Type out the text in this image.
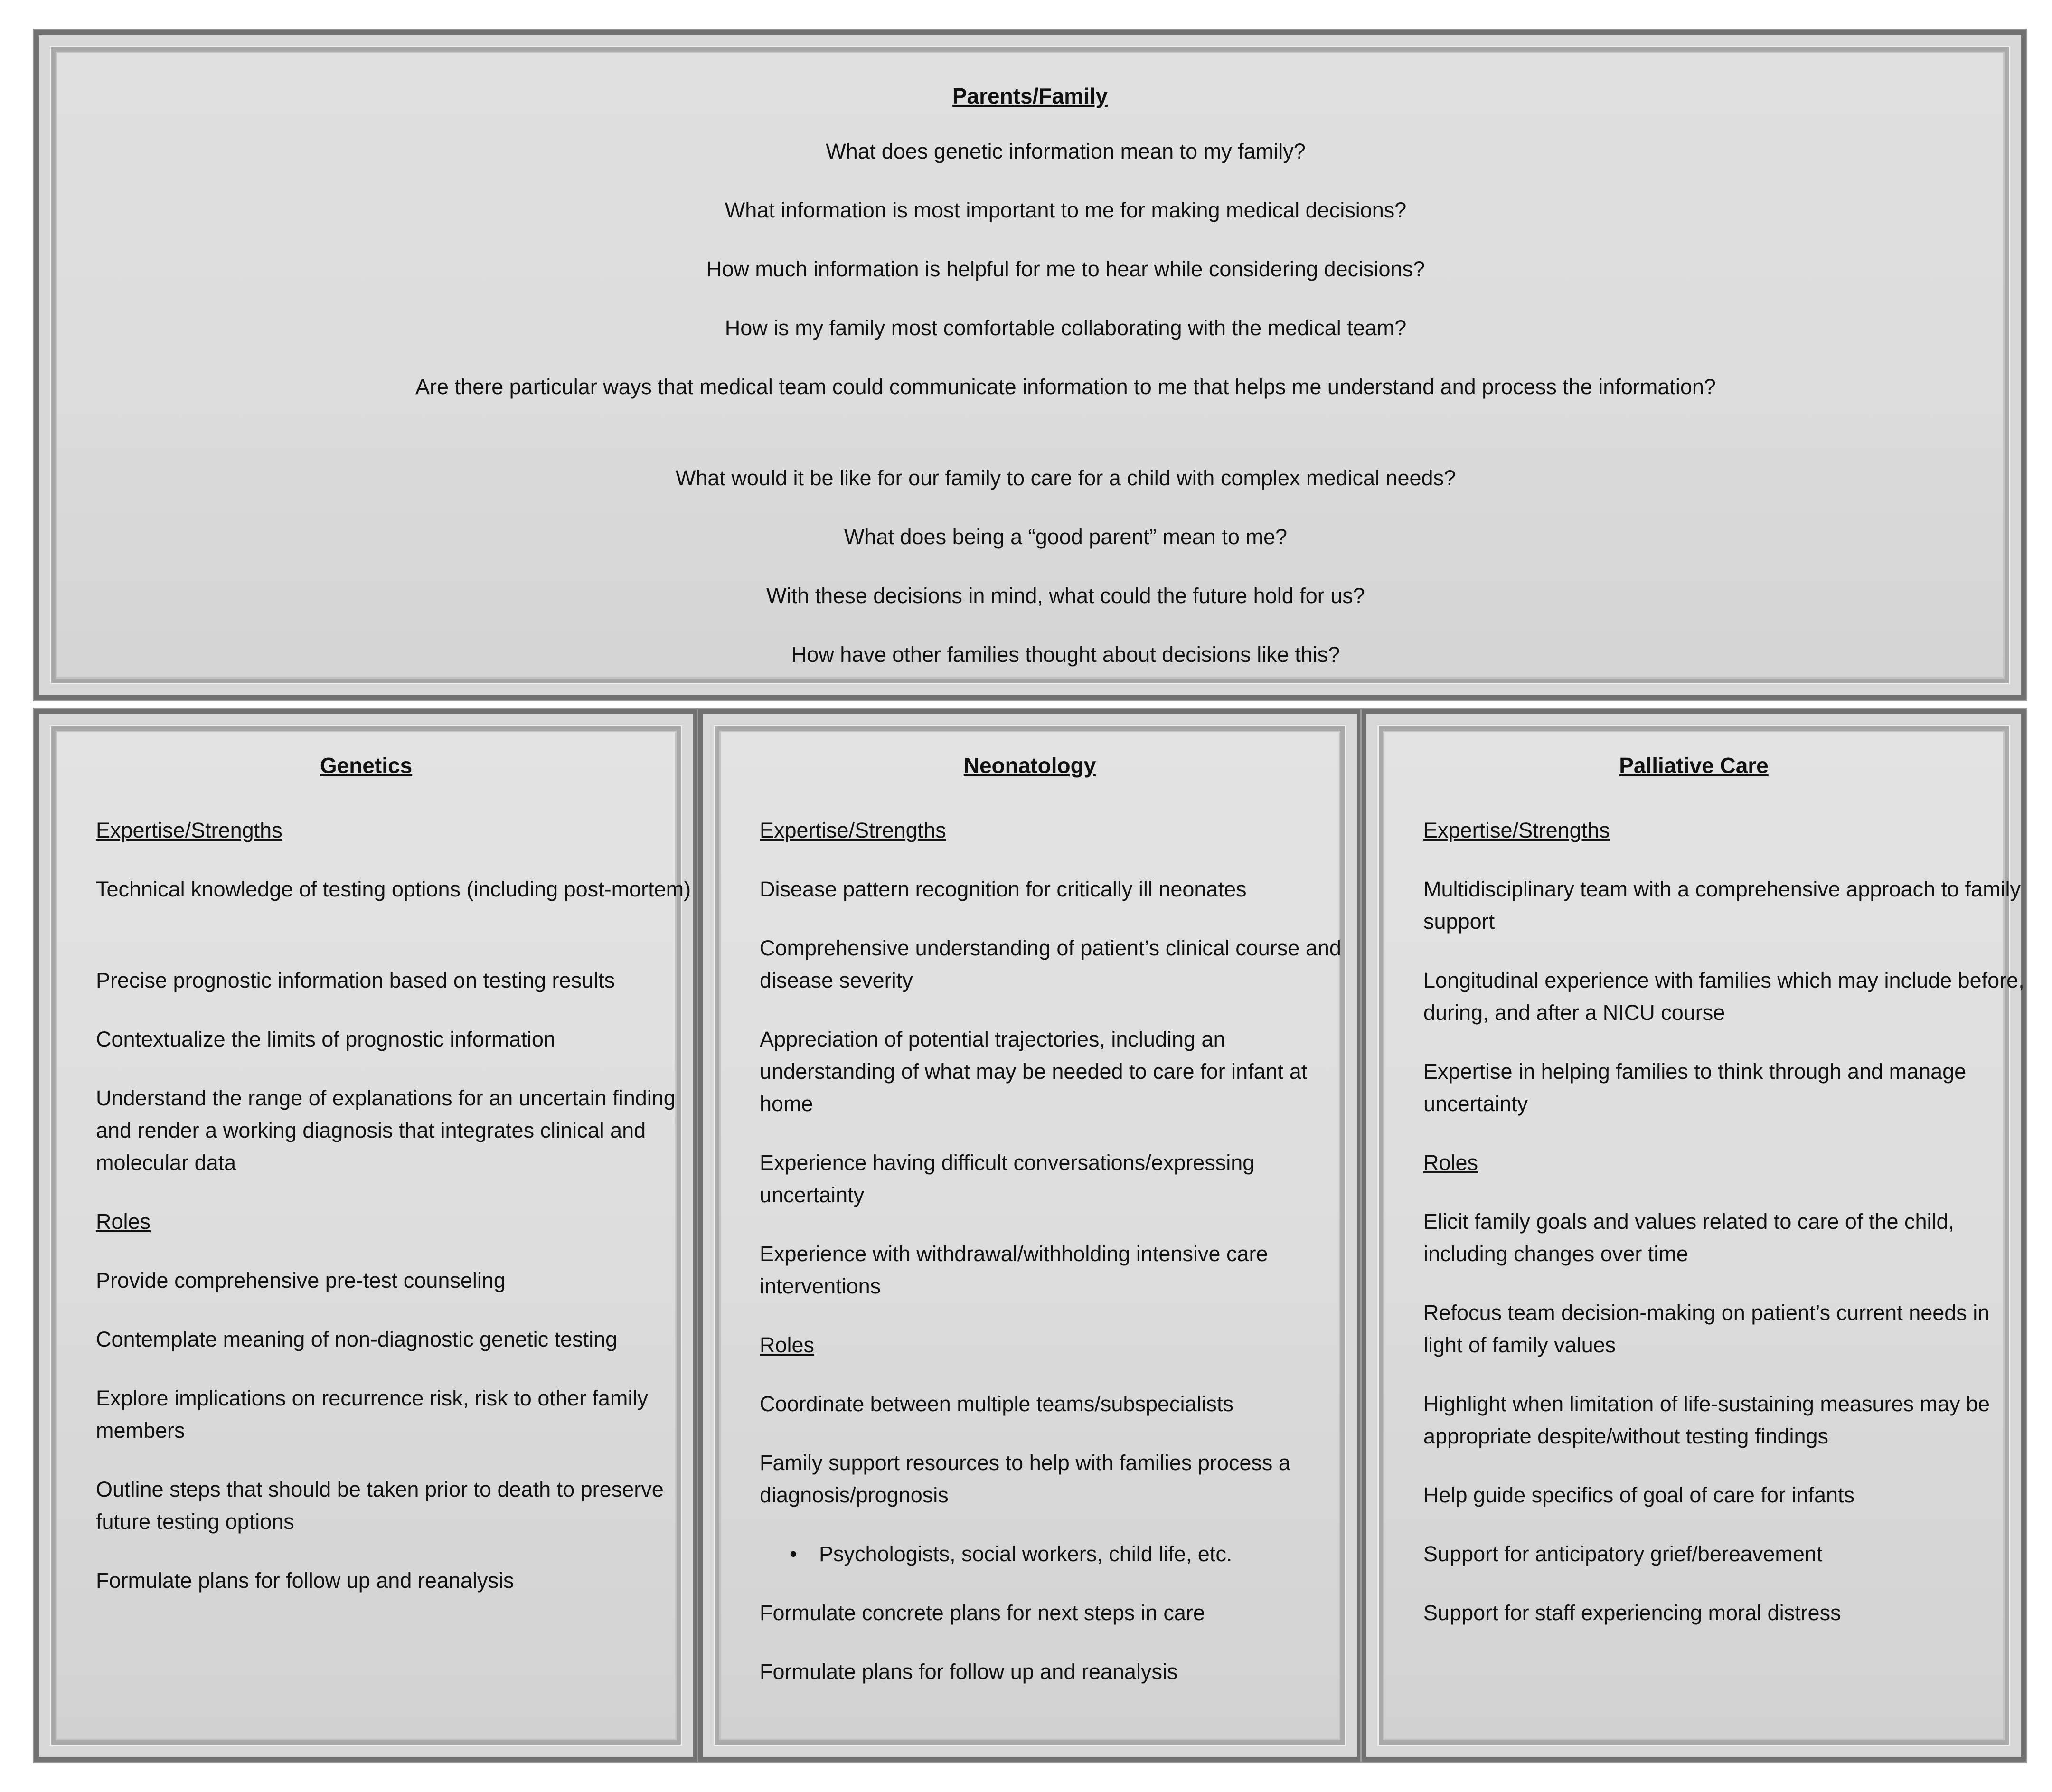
Parents/Family
What does genetic information mean to my family?
What information is most important to me for making medical decisions?
How much information is helpful for me to hear while considering decisions?
How is my family most comfortable collaborating with the medical team?
Are there particular ways that medical team could communicate information to me that helps me understand and process the information?
What would it be like for our family to care for a child with complex medical needs?
What does being a “good parent” mean to me?
With these decisions in mind, what could the future hold for us?
How have other families thought about decisions like this?
Genetics
Expertise/Strengths
Technical knowledge of testing options (including post-mortem)
Precise prognostic information based on testing results
Contextualize the limits of prognostic information
Understand the range of explanations for an uncertain finding and render a working diagnosis that integrates clinical and molecular data
Roles
Provide comprehensive pre-test counseling
Contemplate meaning of non-diagnostic genetic testing
Explore implications on recurrence risk, risk to other family members
Outline steps that should be taken prior to death to preserve future testing options
Formulate plans for follow up and reanalysis
Neonatology
Expertise/Strengths
Disease pattern recognition for critically ill neonates
Comprehensive understanding of patient’s clinical course and disease severity
Appreciation of potential trajectories, including an understanding of what may be needed to care for infant at home
Experience having difficult conversations/expressing uncertainty
Experience with withdrawal/withholding intensive care interventions
Roles
Coordinate between multiple teams/subspecialists
Family support resources to help with families process a diagnosis/prognosis
• Psychologists, social workers, child life, etc.
Formulate concrete plans for next steps in care
Formulate plans for follow up and reanalysis
Palliative Care
Expertise/Strengths
Multidisciplinary team with a comprehensive approach to family support
Longitudinal experience with families which may include before, during, and after a NICU course
Expertise in helping families to think through and manage uncertainty
Roles
Elicit family goals and values related to care of the child, including changes over time
Refocus team decision-making on patient’s current needs in light of family values
Highlight when limitation of life-sustaining measures may be appropriate despite/without testing findings
Help guide specifics of goal of care for infants
Support for anticipatory grief/bereavement
Support for staff experiencing moral distress
